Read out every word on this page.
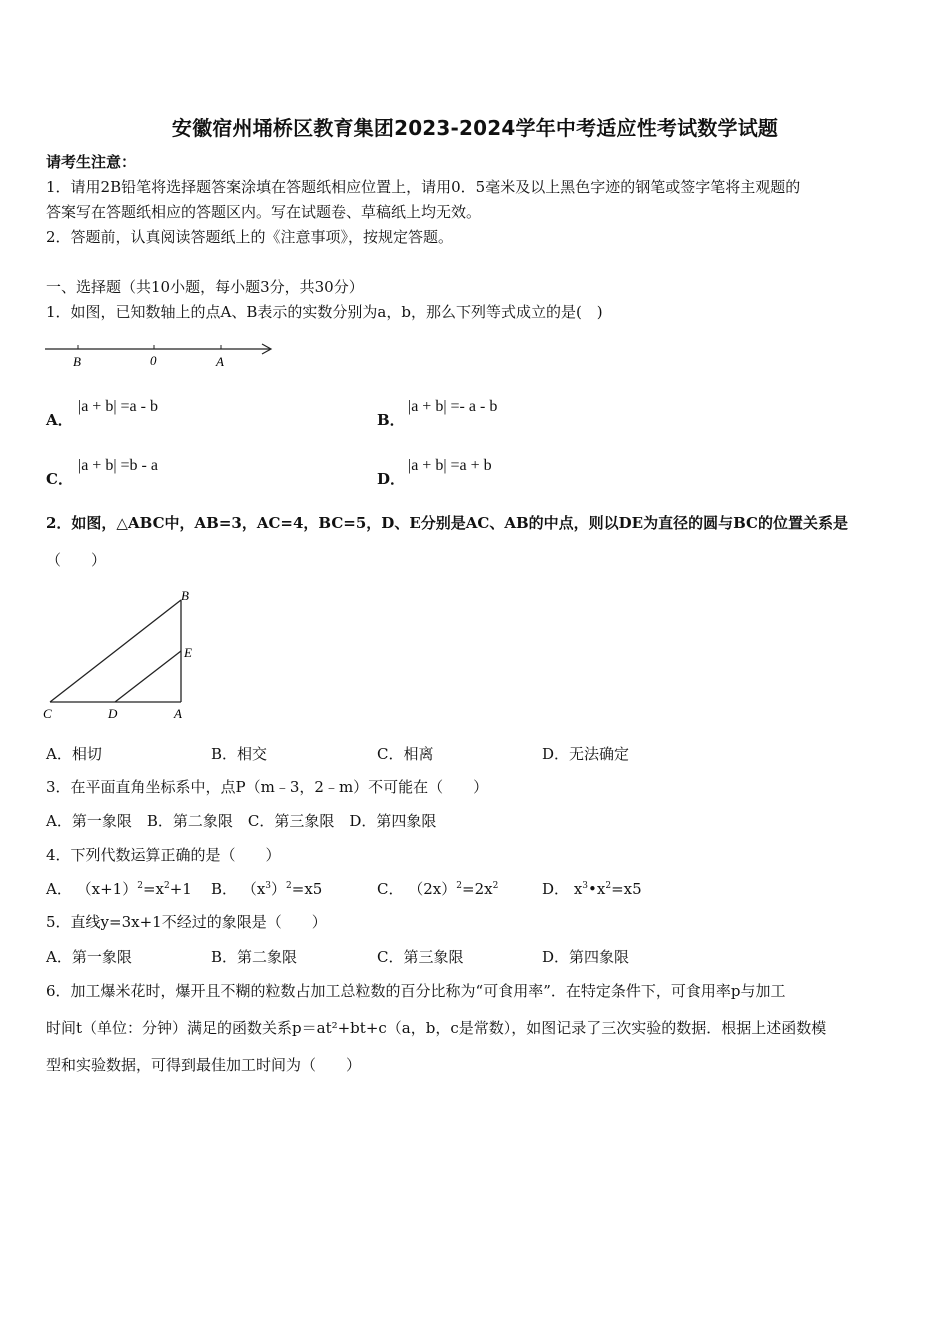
安徽宿州埇桥区教育集团2023-2024学年中考适应性考试数学试题
请考生注意：
1．请用2B铅笔将选择题答案涂填在答题纸相应位置上，请用0．5毫米及以上黑色字迹的钢笔或签字笔将主观题的
答案写在答题纸相应的答题区内。写在试题卷、草稿纸上均无效。
2．答题前，认真阅读答题纸上的《注意事项》，按规定答题。
一、选择题（共10小题，每小题3分，共30分）
1．如图，已知数轴上的点A、B表示的实数分别为a，b，那么下列等式成立的是(　)
B	0	A
A．
|a + b| =a - b
B．
|a + b| =- a - b
C．
|a + b| =b - a
D．
|a + b| =a + b
2．如图，△ABC中，AB=3，AC=4，BC=5，D、E分别是AC、AB的中点，则以DE为直径的圆与BC的位置关系是
（　　）
B
E
C	D	A
A．相切	B．相交	C．相离	D．无法确定
3．在平面直角坐标系中，点P（m﹣3，2﹣m）不可能在（　　）
A．第一象限　B．第二象限　C．第三象限　D．第四象限
4．下列代数运算正确的是（　　）
A． $(x+1)^2=x^2+1$ B． $(x^3)^2=x5$	C． $(2x)^2=2x^2$	D． $x^3•x^2=x5$
5．直线y=3x+1不经过的象限是（　　）
A．第一象限	B．第二象限	C．第三象限	D．第四象限
6．加工爆米花时，爆开且不糊的粒数占加工总粒数的百分比称为“可食用率”．在特定条件下，可食用率p与加工
时间t（单位：分钟）满足的函数关系p＝at²+bt+c（a，b，c是常数），如图记录了三次实验的数据．根据上述函数模
型和实验数据，可得到最佳加工时间为（　　）
